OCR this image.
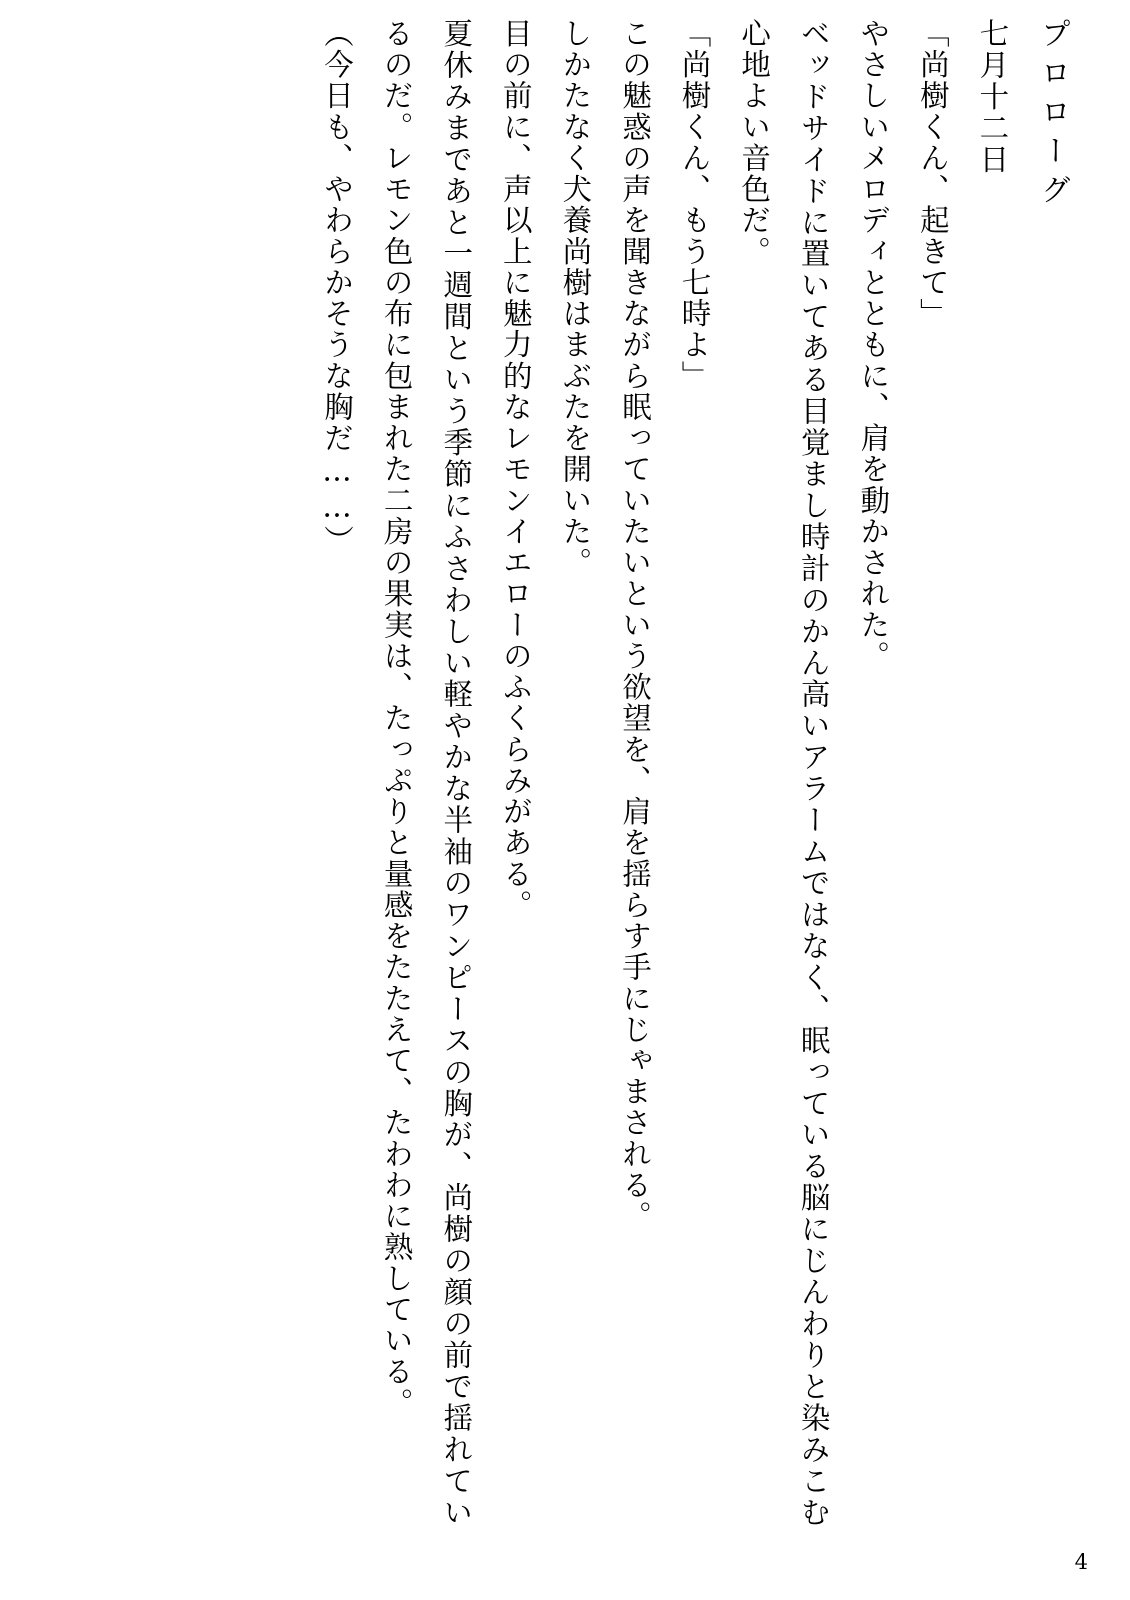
プロローグ

七月十二日

「尚樹くん、起きて」

やさしいメロディとともに、肩を動かされた。

ベッドサイドに置いてある目覚まし時計のかん高いアラームではなく、眠っている脳にじんわりと染みこむ心地よい音色だ。

「尚樹くん、もう七時よ」

この魅惑の声を聞きながら眠っていたいという欲望を、肩を揺らす手にじゃまされる。

しかたなく犬養尚樹はまぶたを開いた。

目の前に、声以上に魅力的なレモンイエローのふくらみがある。

夏休みまであと一週間という季節にふさわしい軽やかな半袖のワンピースの胸が、尚樹の顔の前で揺れているのだ。レモン色の布に包まれた二房の果実は、たっぷりと量感をたたえて、たわわに熟している。

（今日も、やわらかそうな胸だ……）

4
